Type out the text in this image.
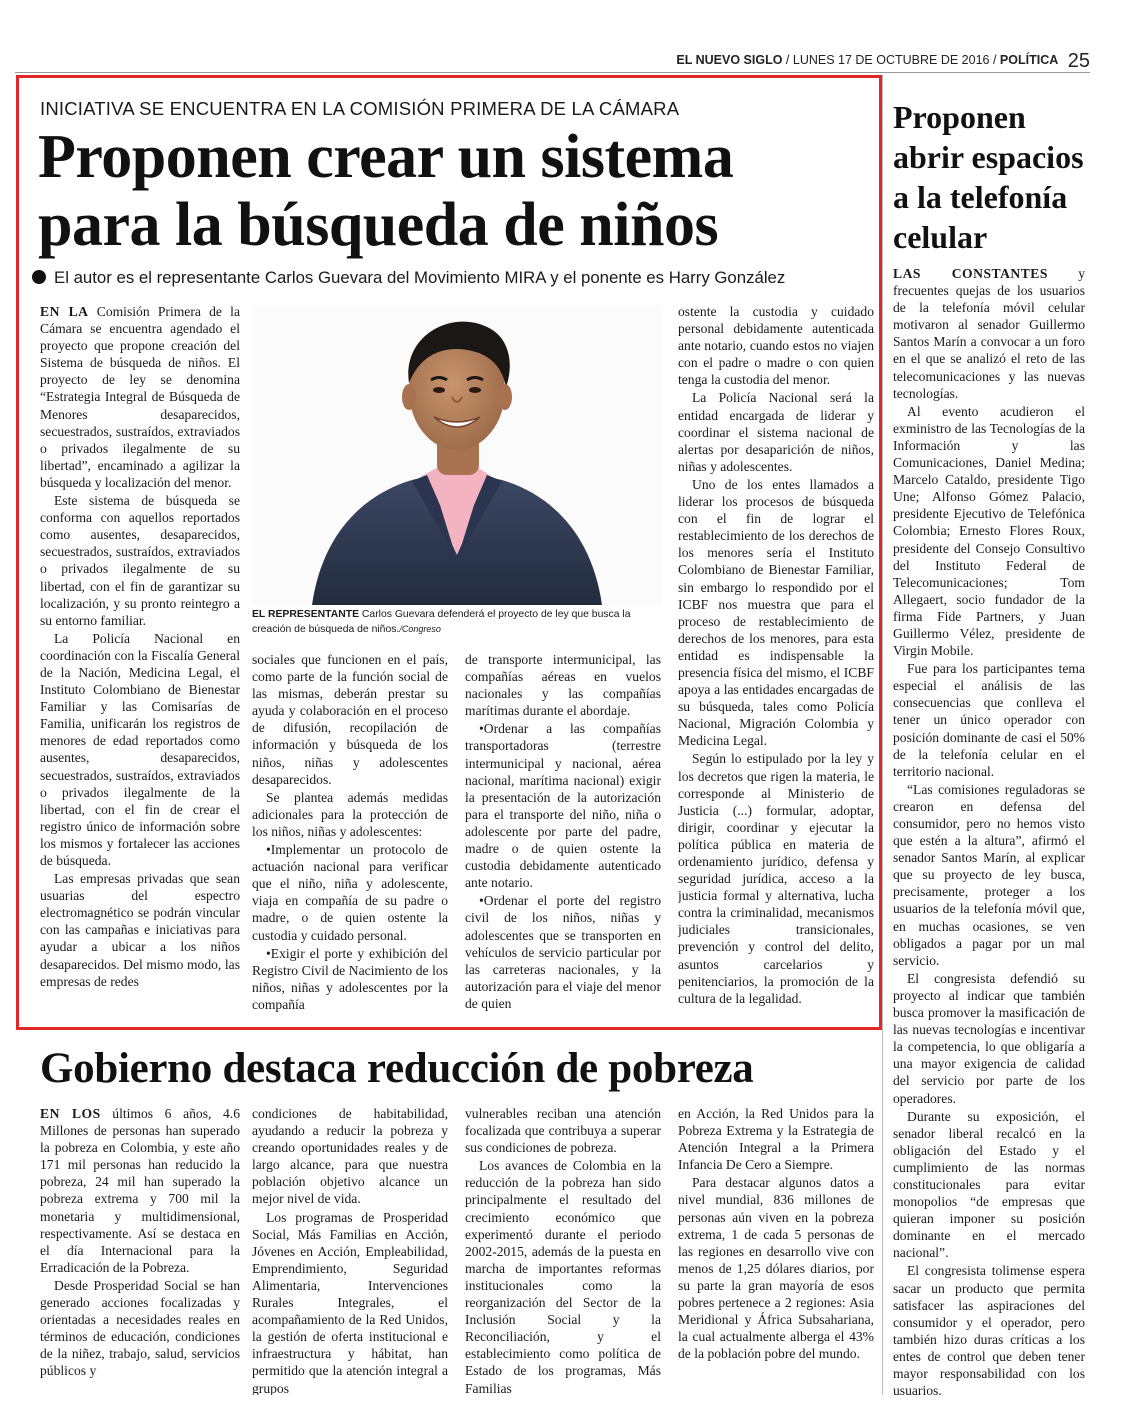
EL NUEVO SIGLO / LUNES 17 DE OCTUBRE DE 2016 / POLÍTICA 25
INICIATIVA SE ENCUENTRA EN LA COMISIÓN PRIMERA DE LA CÁMARA
Proponen crear un sistema para la búsqueda de niños
El autor es el representante Carlos Guevara del Movimiento MIRA y el ponente es Harry González

EN LA Comisión Primera de la Cámara se encuentra agendado el proyecto que propone creación del Sistema de búsqueda de niños. El proyecto de ley se denomina “Estrategia Integral de Búsqueda de Menores desaparecidos, secuestrados, sustraídos, extraviados o privados ilegalmente de su libertad”, encaminado a agilizar la búsqueda y localización del menor.

Este sistema de búsqueda se conforma con aquellos reportados como ausentes, desaparecidos, secuestrados, sustraídos, extraviados o privados ilegalmente de su libertad, con el fin de garantizar su localización, y su pronto reintegro a su entorno familiar.

La Policía Nacional en coordinación con la Fiscalía General de la Nación, Medicina Legal, el Instituto Colombiano de Bienestar Familiar y las Comisarías de Familia, unificarán los registros de menores de edad reportados como ausentes, desaparecidos, secuestrados, sustraídos, extraviados o privados ilegalmente de la libertad, con el fin de crear el registro único de información sobre los mismos y fortalecer las acciones de búsqueda.

Las empresas privadas que sean usuarias del espectro electromagnético se podrán vincular con las campañas e iniciativas para ayudar a ubicar a los niños desaparecidos. Del mismo modo, las empresas de redes

EL REPRESENTANTE Carlos Guevara defenderá el proyecto de ley que busca la creación de búsqueda de niños./Congreso

sociales que funcionen en el país, como parte de la función social de las mismas, deberán prestar su ayuda y colaboración en el proceso de difusión, recopilación de información y búsqueda de los niños, niñas y adolescentes desaparecidos.

Se plantea además medidas adicionales para la protección de los niños, niñas y adolescentes:

•Implementar un protocolo de actuación nacional para verificar que el niño, niña y adolescente, viaja en compañía de su padre o madre, o de quien ostente la custodia y cuidado personal.

•Exigir el porte y exhibición del Registro Civil de Nacimiento de los niños, niñas y adolescentes por la compañía

de transporte intermunicipal, las compañías aéreas en vuelos nacionales y las compañías marítimas durante el abordaje.

•Ordenar a las compañías transportadoras (terrestre intermunicipal y nacional, aérea nacional, marítima nacional) exigir la presentación de la autorización para el transporte del niño, niña o adolescente por parte del padre, madre o de quien ostente la custodia debidamente autenticado ante notario.

•Ordenar el porte del registro civil de los niños, niñas y adolescentes que se transporten en vehículos de servicio particular por las carreteras nacionales, y la autorización para el viaje del menor de quien

ostente la custodia y cuidado personal debidamente autenticada ante notario, cuando estos no viajen con el padre o madre o con quien tenga la custodia del menor.

La Policía Nacional será la entidad encargada de liderar y coordinar el sistema nacional de alertas por desaparición de niños, niñas y adolescentes.

Uno de los entes llamados a liderar los procesos de búsqueda con el fin de lograr el restablecimiento de los derechos de los menores sería el Instituto Colombiano de Bienestar Familiar, sin embargo lo respondido por el ICBF nos muestra que para el proceso de restablecimiento de derechos de los menores, para esta entidad es indispensable la presencia física del mismo, el ICBF apoya a las entidades encargadas de su búsqueda, tales como Policía Nacional, Migración Colombia y Medicina Legal.

Según lo estipulado por la ley y los decretos que rigen la materia, le corresponde al Ministerio de Justicia (...) formular, adoptar, dirigir, coordinar y ejecutar la política pública en materia de ordenamiento jurídico, defensa y seguridad jurídica, acceso a la justicia formal y alternativa, lucha contra la criminalidad, mecanismos judiciales transicionales, prevención y control del delito, asuntos carcelarios y penitenciarios, la promoción de la cultura de la legalidad.

Proponen abrir espacios a la telefonía celular

LAS CONSTANTES y frecuentes quejas de los usuarios de la telefonía móvil celular motivaron al senador Guillermo Santos Marín a convocar a un foro en el que se analizó el reto de las telecomunicaciones y las nuevas tecnologías.

Al evento acudieron el exministro de las Tecnologías de la Información y las Comunicaciones, Daniel Medina; Marcelo Cataldo, presidente Tigo Une; Alfonso Gómez Palacio, presidente Ejecutivo de Telefónica Colombia; Ernesto Flores Roux, presidente del Consejo Consultivo del Instituto Federal de Telecomunicaciones; Tom Allegaert, socio fundador de la firma Fide Partners, y Juan Guillermo Vélez, presidente de Virgin Mobile.

Fue para los participantes tema especial el análisis de las consecuencias que conlleva el tener un único operador con posición dominante de casi el 50% de la telefonía celular en el territorio nacional.

“Las comisiones reguladoras se crearon en defensa del consumidor, pero no hemos visto que estén a la altura”, afirmó el senador Santos Marín, al explicar que su proyecto de ley busca, precisamente, proteger a los usuarios de la telefonía móvil que, en muchas ocasiones, se ven obligados a pagar por un mal servicio.

El congresista defendió su proyecto al indicar que también busca promover la masificación de las nuevas tecnologías e incentivar la competencia, lo que obligaría a una mayor exigencia de calidad del servicio por parte de los operadores.

Durante su exposición, el senador liberal recalcó en la obligación del Estado y el cumplimiento de las normas constitucionales para evitar monopolios “de empresas que quieran imponer su posición dominante en el mercado nacional”.

El congresista tolimense espera sacar un producto que permita satisfacer las aspiraciones del consumidor y el operador, pero también hizo duras críticas a los entes de control que deben tener mayor responsabilidad con los usuarios.

Gobierno destaca reducción de pobreza

EN LOS últimos 6 años, 4.6 Millones de personas han superado la pobreza en Colombia, y este año 171 mil personas han reducido la pobreza, 24 mil han superado la pobreza extrema y 700 mil la monetaria y multidimensional, respectivamente. Así se destaca en el día Internacional para la Erradicación de la Pobreza.

Desde Prosperidad Social se han generado acciones focalizadas y orientadas a necesidades reales en términos de educación, condiciones de la niñez, trabajo, salud, servicios públicos y

condiciones de habitabilidad, ayudando a reducir la pobreza y creando oportunidades reales y de largo alcance, para que nuestra población objetivo alcance un mejor nivel de vida.

Los programas de Prosperidad Social, Más Familias en Acción, Jóvenes en Acción, Empleabilidad, Emprendimiento, Seguridad Alimentaria, Intervenciones Rurales Integrales, el acompañamiento de la Red Unidos, la gestión de oferta institucional e infraestructura y hábitat, han permitido que la atención integral a grupos

vulnerables reciban una atención focalizada que contribuya a superar sus condiciones de pobreza.

Los avances de Colombia en la reducción de la pobreza han sido principalmente el resultado del crecimiento económico que experimentó durante el periodo 2002-2015, además de la puesta en marcha de importantes reformas institucionales como la reorganización del Sector de la Inclusión Social y la Reconciliación, y el establecimiento como política de Estado de los programas, Más Familias

en Acción, la Red Unidos para la Pobreza Extrema y la Estrategia de Atención Integral a la Primera Infancia De Cero a Siempre.

Para destacar algunos datos a nivel mundial, 836 millones de personas aún viven en la pobreza extrema, 1 de cada 5 personas de las regiones en desarrollo vive con menos de 1,25 dólares diarios, por su parte la gran mayoría de esos pobres pertenece a 2 regiones: Asia Meridional y África Subsahariana, la cual actualmente alberga el 43% de la población pobre del mundo.
